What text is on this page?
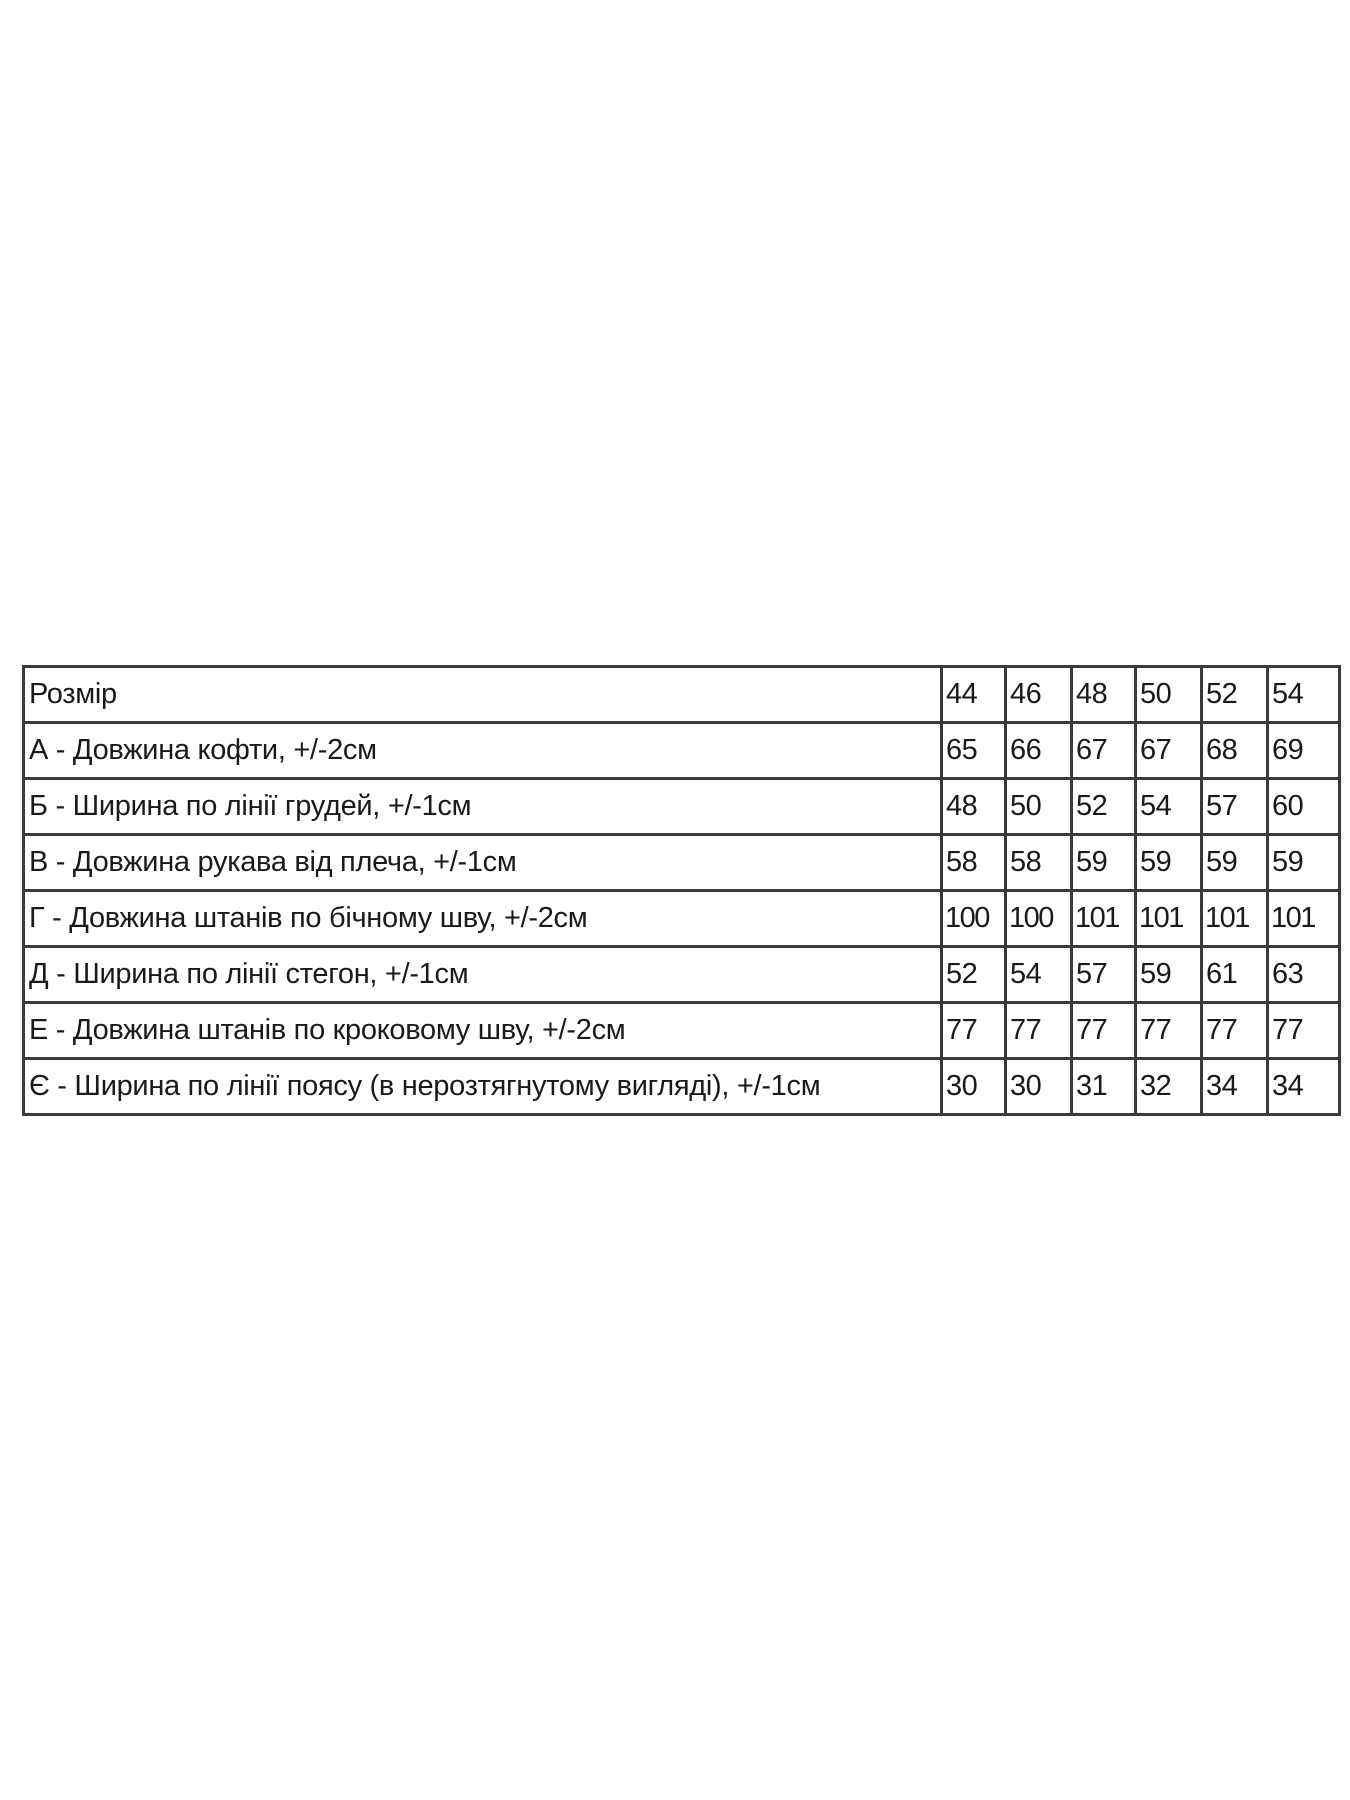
Розмір	44	46	48	50	52	54
А - Довжина кофти, +/-2см	65	66	67	67	68	69
Б - Ширина по лінії грудей, +/-1см	48	50	52	54	57	60
В - Довжина рукава від плеча, +/-1см	58	58	59	59	59	59
Г - Довжина штанів по бічному шву, +/-2см	100	100	101	101	101	101
Д - Ширина по лінії стегон, +/-1см	52	54	57	59	61	63
Е - Довжина штанів по кроковому шву, +/-2см	77	77	77	77	77	77
Є - Ширина по лінії поясу (в нерозтягнутому вигляді), +/-1см	30	30	31	32	34	34
